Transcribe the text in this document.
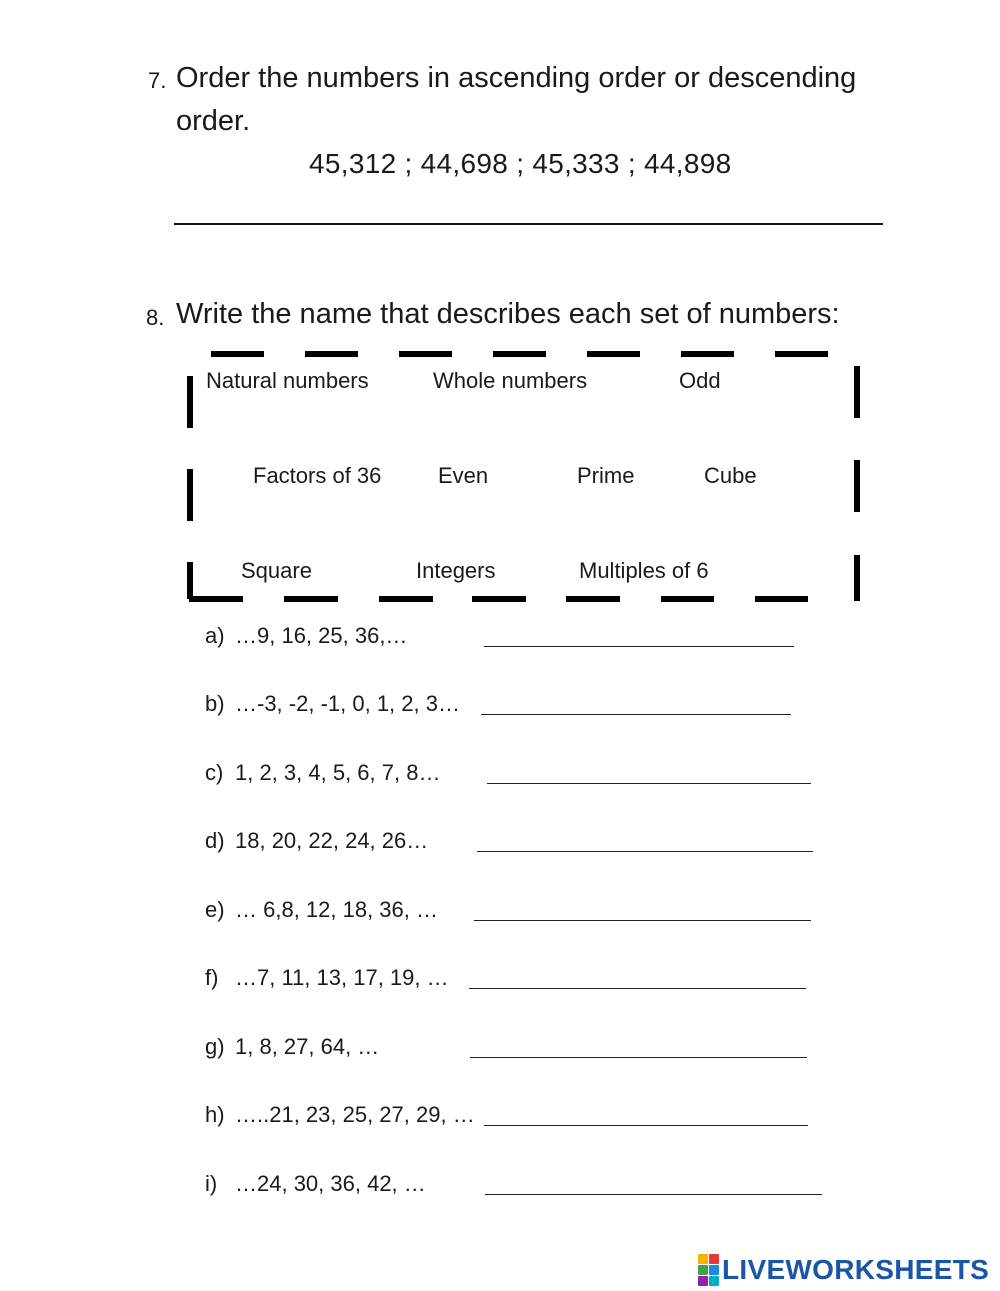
7. Order the numbers in ascending order or descending
order.
45,312 ; 44,698 ; 45,333 ; 44,898
8. Write the name that describes each set of numbers:
Natural numbers	Whole numbers	Odd
Factors of 36	Even	Prime	Cube
Square	Integers	Multiples of 6
a) …9, 16, 25, 36,…
b) …-3, -2, -1, 0, 1, 2, 3…
c) 1, 2, 3, 4, 5, 6, 7, 8…
d) 18, 20, 22, 24, 26…
e) … 6,8, 12, 18, 36, …
f) …7, 11, 13, 17, 19, …
g) 1, 8, 27, 64, …
h) …..21, 23, 25, 27, 29, …
i) …24, 30, 36, 42, …
LIVEWORKSHEETS
